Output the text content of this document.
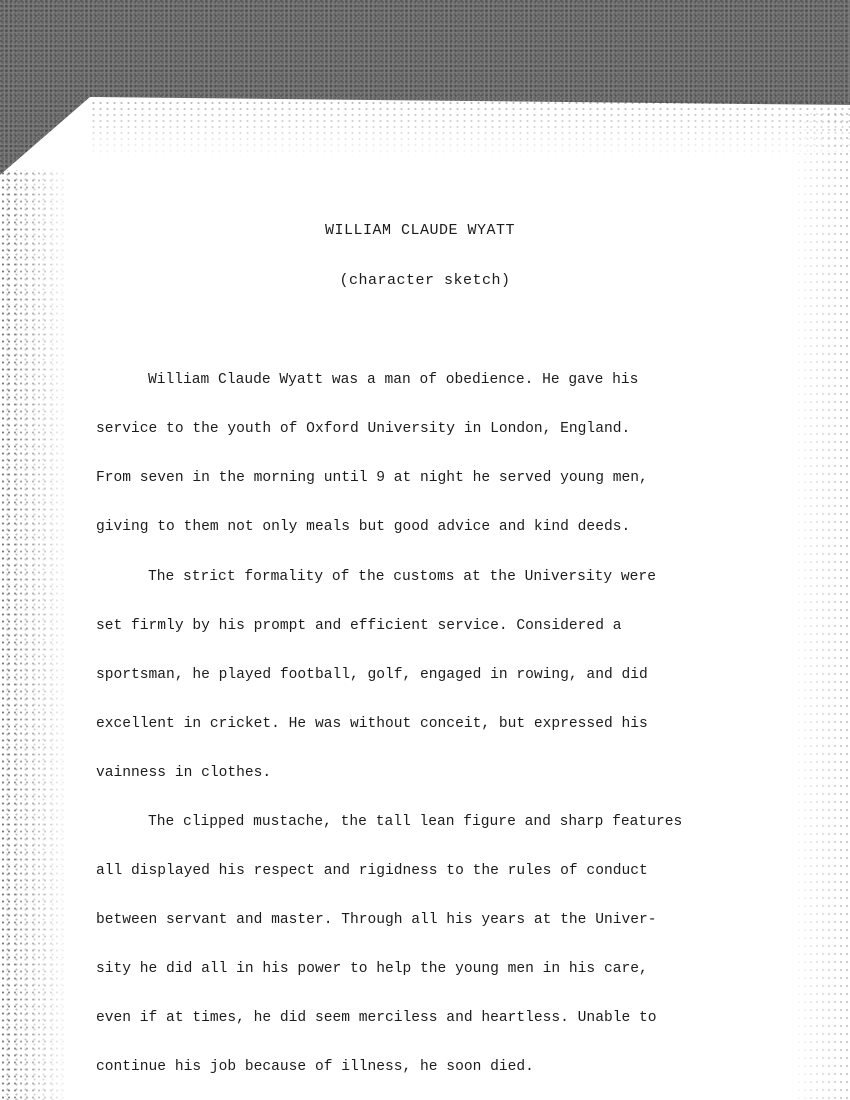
WILLIAM CLAUDE WYATT
(character sketch)
William Claude Wyatt was a man of obedience. He gave his
service to the youth of Oxford University in London, England.
From seven in the morning until 9 at night he served young men,
giving to them not only meals but good advice and kind deeds.
The strict formality of the customs at the University were
set firmly by his prompt and efficient service. Considered a
sportsman, he played football, golf, engaged in rowing, and did
excellent in cricket. He was without conceit, but expressed his
vainness in clothes.
The clipped mustache, the tall lean figure and sharp features
all displayed his respect and rigidness to the rules of conduct
between servant and master. Through all his years at the Univer-
sity he did all in his power to help the young men in his care,
even if at times, he did seem merciless and heartless. Unable to
continue his job because of illness, he soon died.
